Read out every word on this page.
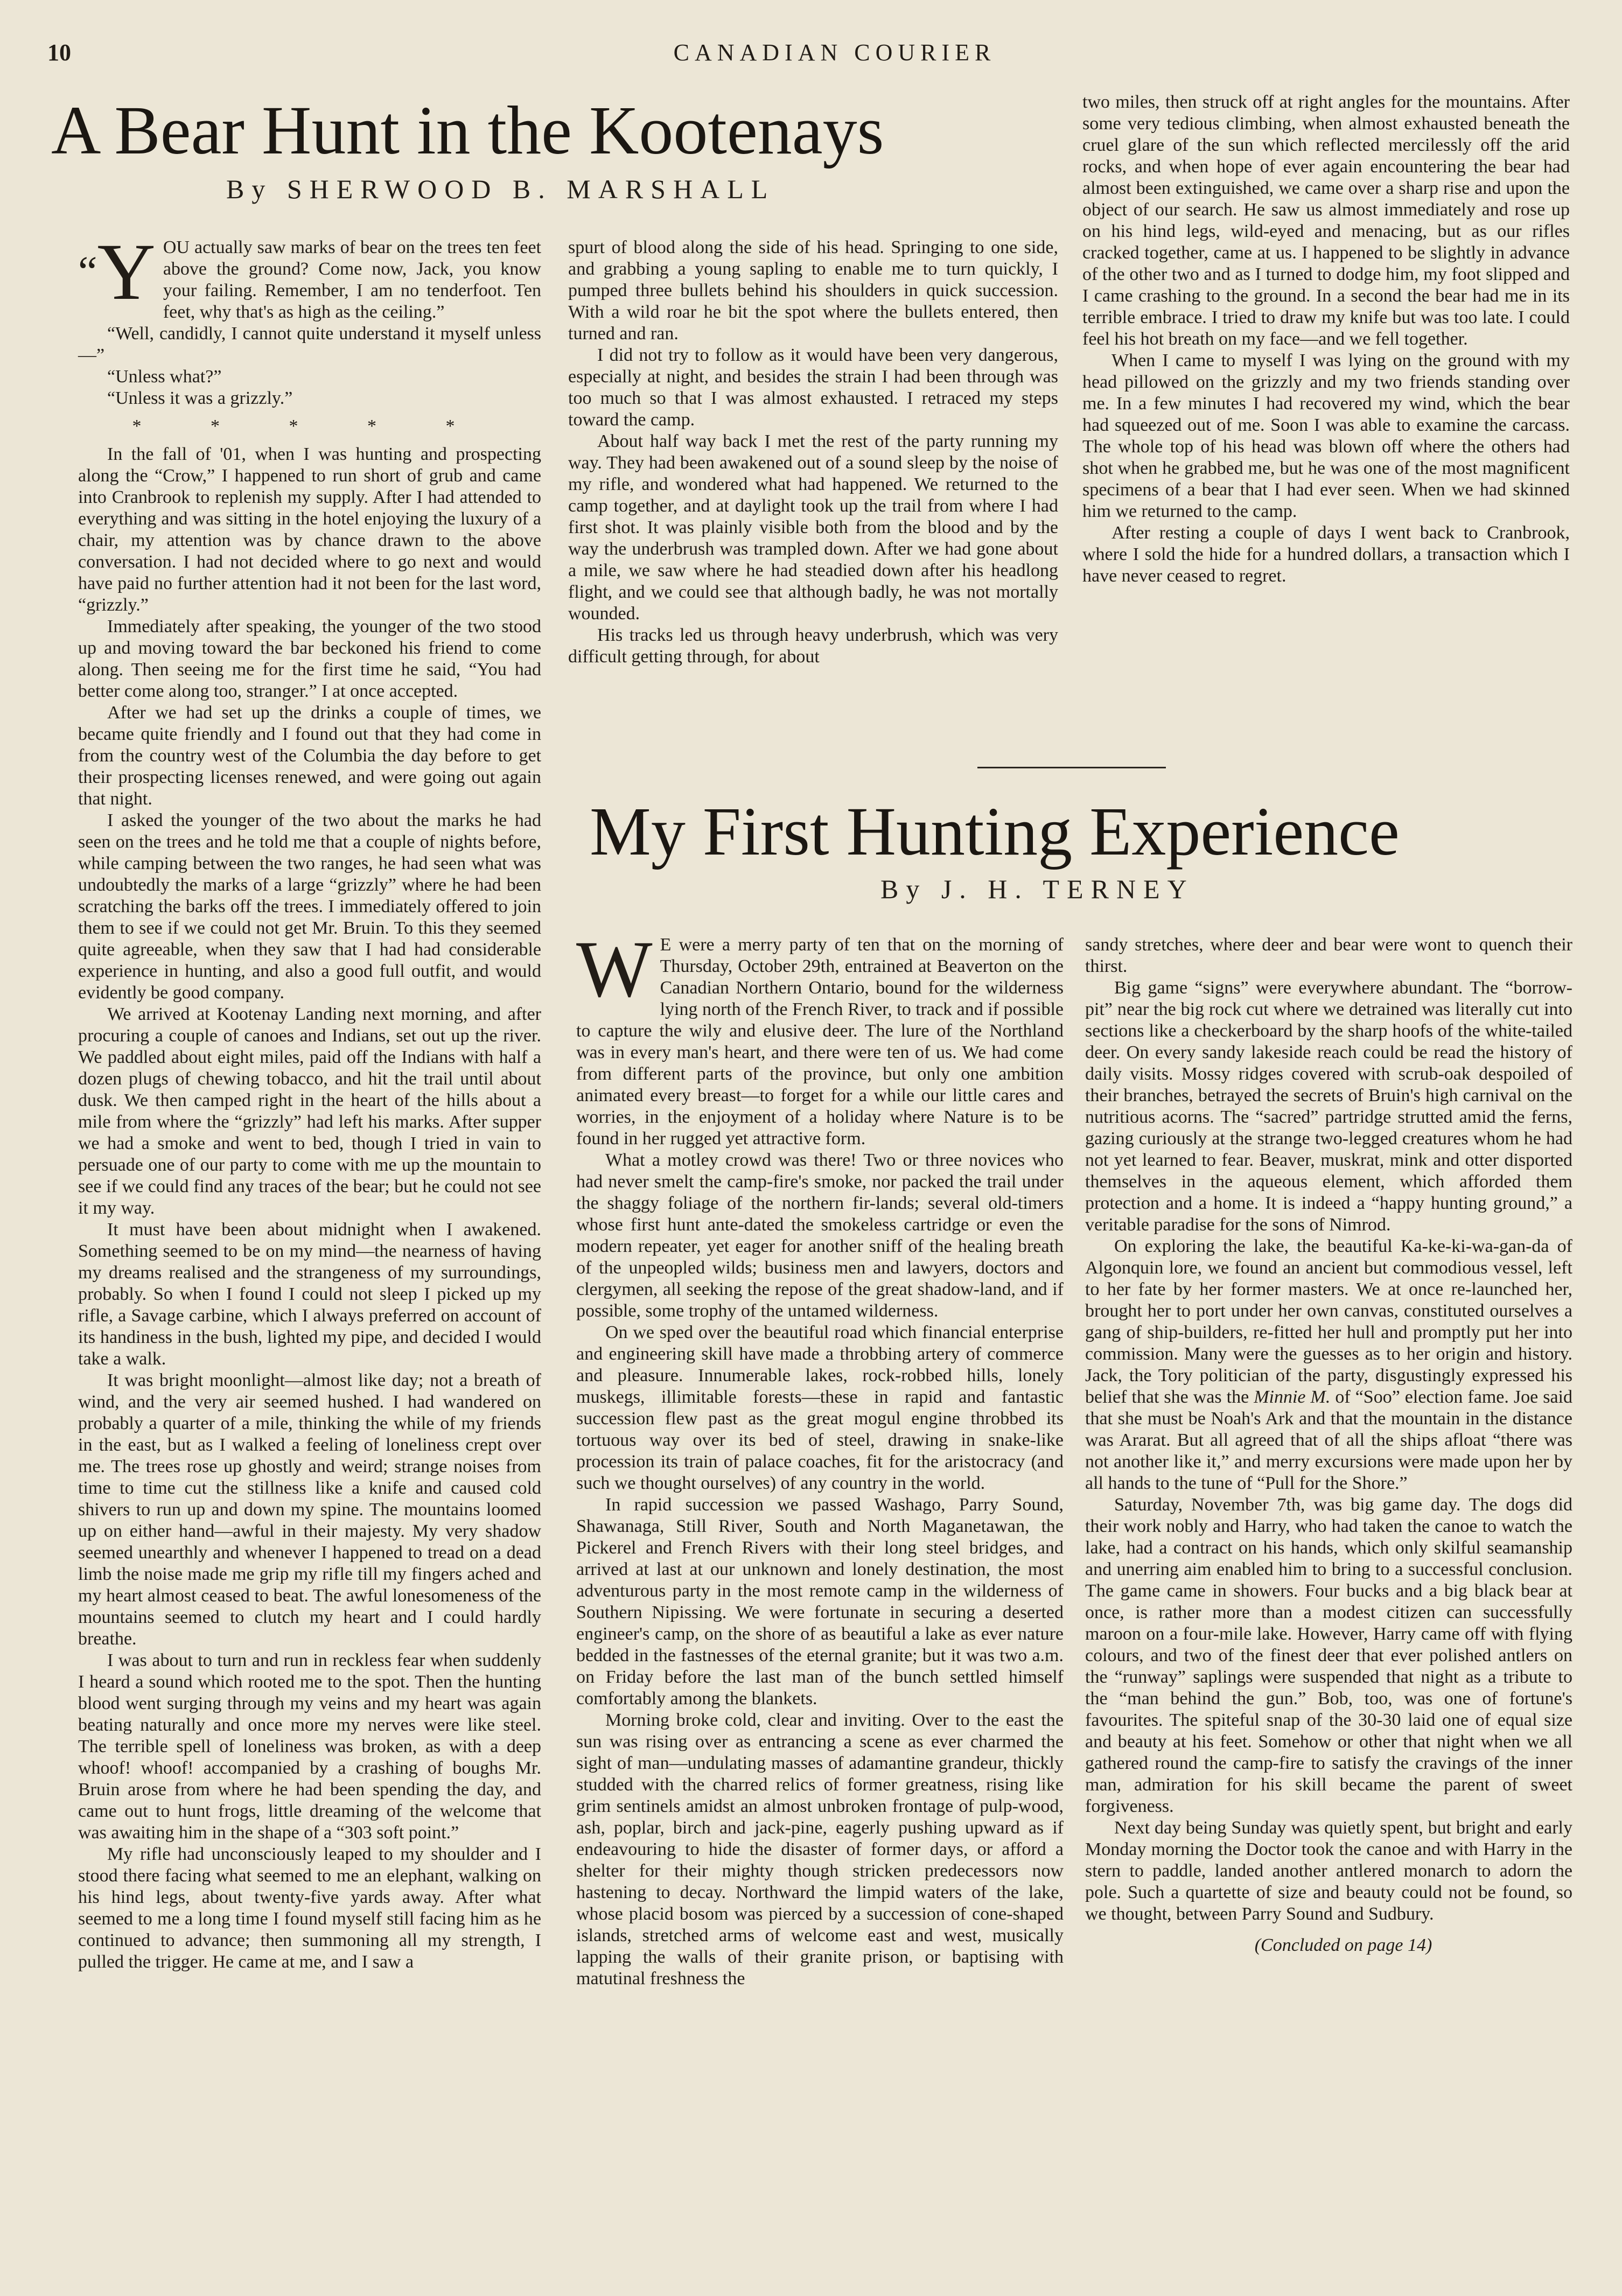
10	CANADIAN COURIER
A Bear Hunt in the Kootenays
By SHERWOOD B. MARSHALL

“ Y OU actually saw marks of bear on the trees ten feet above the ground? Come now, Jack, you know your failing. Remember, I am no tenderfoot. Ten feet, why that's as high as the ceiling.”

“Well, candidly, I cannot quite understand it myself unless—”

“Unless what?”

“Unless it was a grizzly.”

* * * * *

In the fall of '01, when I was hunting and prospecting along the “Crow,” I happened to run short of grub and came into Cranbrook to replenish my supply. After I had attended to everything and was sitting in the hotel enjoying the luxury of a chair, my attention was by chance drawn to the above conversation. I had not decided where to go next and would have paid no further attention had it not been for the last word, “grizzly.”

Immediately after speaking, the younger of the two stood up and moving toward the bar beckoned his friend to come along. Then seeing me for the first time he said, “You had better come along too, stranger.” I at once accepted.

After we had set up the drinks a couple of times, we became quite friendly and I found out that they had come in from the country west of the Columbia the day before to get their prospecting licenses renewed, and were going out again that night.

I asked the younger of the two about the marks he had seen on the trees and he told me that a couple of nights before, while camping between the two ranges, he had seen what was undoubtedly the marks of a large “grizzly” where he had been scratching the barks off the trees. I immediately offered to join them to see if we could not get Mr. Bruin. To this they seemed quite agreeable, when they saw that I had had considerable experience in hunting, and also a good full outfit, and would evidently be good company.

We arrived at Kootenay Landing next morning, and after procuring a couple of canoes and Indians, set out up the river. We paddled about eight miles, paid off the Indians with half a dozen plugs of chewing tobacco, and hit the trail until about dusk. We then camped right in the heart of the hills about a mile from where the “grizzly” had left his marks. After supper we had a smoke and went to bed, though I tried in vain to persuade one of our party to come with me up the mountain to see if we could find any traces of the bear; but he could not see it my way.

It must have been about midnight when I awakened. Something seemed to be on my mind—the nearness of having my dreams realised and the strangeness of my surroundings, probably. So when I found I could not sleep I picked up my rifle, a Savage carbine, which I always preferred on account of its handiness in the bush, lighted my pipe, and decided I would take a walk.

It was bright moonlight—almost like day; not a breath of wind, and the very air seemed hushed. I had wandered on probably a quarter of a mile, thinking the while of my friends in the east, but as I walked a feeling of loneliness crept over me. The trees rose up ghostly and weird; strange noises from time to time cut the stillness like a knife and caused cold shivers to run up and down my spine. The mountains loomed up on either hand—awful in their majesty. My very shadow seemed unearthly and whenever I happened to tread on a dead limb the noise made me grip my rifle till my fingers ached and my heart almost ceased to beat. The awful lonesomeness of the mountains seemed to clutch my heart and I could hardly breathe.

I was about to turn and run in reckless fear when suddenly I heard a sound which rooted me to the spot. Then the hunting blood went surging through my veins and my heart was again beating naturally and once more my nerves were like steel. The terrible spell of loneliness was broken, as with a deep whoof! whoof! accompanied by a crashing of boughs Mr. Bruin arose from where he had been spending the day, and came out to hunt frogs, little dreaming of the welcome that was awaiting him in the shape of a “303 soft point.”

My rifle had unconsciously leaped to my shoulder and I stood there facing what seemed to me an elephant, walking on his hind legs, about twenty-five yards away. After what seemed to me a long time I found myself still facing him as he continued to advance; then summoning all my strength, I pulled the trigger. He came at me, and I saw a

spurt of blood along the side of his head. Springing to one side, and grabbing a young sapling to enable me to turn quickly, I pumped three bullets behind his shoulders in quick succession. With a wild roar he bit the spot where the bullets entered, then turned and ran.

I did not try to follow as it would have been very dangerous, especially at night, and besides the strain I had been through was too much so that I was almost exhausted. I retraced my steps toward the camp.

About half way back I met the rest of the party running my way. They had been awakened out of a sound sleep by the noise of my rifle, and wondered what had happened. We returned to the camp together, and at daylight took up the trail from where I had first shot. It was plainly visible both from the blood and by the way the underbrush was trampled down. After we had gone about a mile, we saw where he had steadied down after his headlong flight, and we could see that although badly, he was not mortally wounded.

His tracks led us through heavy underbrush, which was very difficult getting through, for about

two miles, then struck off at right angles for the mountains. After some very tedious climbing, when almost exhausted beneath the cruel glare of the sun which reflected mercilessly off the arid rocks, and when hope of ever again encountering the bear had almost been extinguished, we came over a sharp rise and upon the object of our search. He saw us almost immediately and rose up on his hind legs, wild-eyed and menacing, but as our rifles cracked together, came at us. I happened to be slightly in advance of the other two and as I turned to dodge him, my foot slipped and I came crashing to the ground. In a second the bear had me in its terrible embrace. I tried to draw my knife but was too late. I could feel his hot breath on my face—and we fell together.

When I came to myself I was lying on the ground with my head pillowed on the grizzly and my two friends standing over me. In a few minutes I had recovered my wind, which the bear had squeezed out of me. Soon I was able to examine the carcass. The whole top of his head was blown off where the others had shot when he grabbed me, but he was one of the most magnificent specimens of a bear that I had ever seen. When we had skinned him we returned to the camp.

After resting a couple of days I went back to Cranbrook, where I sold the hide for a hundred dollars, a transaction which I have never ceased to regret.

My First Hunting Experience
By J. H. TERNEY

W E were a merry party of ten that on the morning of Thursday, October 29th, entrained at Beaverton on the Canadian Northern Ontario, bound for the wilderness lying north of the French River, to track and if possible to capture the wily and elusive deer. The lure of the Northland was in every man's heart, and there were ten of us. We had come from different parts of the province, but only one ambition animated every breast—to forget for a while our little cares and worries, in the enjoyment of a holiday where Nature is to be found in her rugged yet attractive form.

What a motley crowd was there! Two or three novices who had never smelt the camp-fire's smoke, nor packed the trail under the shaggy foliage of the northern fir-lands; several old-timers whose first hunt ante-dated the smokeless cartridge or even the modern repeater, yet eager for another sniff of the healing breath of the unpeopled wilds; business men and lawyers, doctors and clergymen, all seeking the repose of the great shadow-land, and if possible, some trophy of the untamed wilderness.

On we sped over the beautiful road which financial enterprise and engineering skill have made a throbbing artery of commerce and pleasure. Innumerable lakes, rock-robbed hills, lonely muskegs, illimitable forests—these in rapid and fantastic succession flew past as the great mogul engine throbbed its tortuous way over its bed of steel, drawing in snake-like procession its train of palace coaches, fit for the aristocracy (and such we thought ourselves) of any country in the world.

In rapid succession we passed Washago, Parry Sound, Shawanaga, Still River, South and North Maganetawan, the Pickerel and French Rivers with their long steel bridges, and arrived at last at our unknown and lonely destination, the most adventurous party in the most remote camp in the wilderness of Southern Nipissing. We were fortunate in securing a deserted engineer's camp, on the shore of as beautiful a lake as ever nature bedded in the fastnesses of the eternal granite; but it was two a.m. on Friday before the last man of the bunch settled himself comfortably among the blankets.

Morning broke cold, clear and inviting. Over to the east the sun was rising over as entrancing a scene as ever charmed the sight of man—undulating masses of adamantine grandeur, thickly studded with the charred relics of former greatness, rising like grim sentinels amidst an almost unbroken frontage of pulp-wood, ash, poplar, birch and jack-pine, eagerly pushing upward as if endeavouring to hide the disaster of former days, or afford a shelter for their mighty though stricken predecessors now hastening to decay. Northward the limpid waters of the lake, whose placid bosom was pierced by a succession of cone-shaped islands, stretched arms of welcome east and west, musically lapping the walls of their granite prison, or baptising with matutinal freshness the

sandy stretches, where deer and bear were wont to quench their thirst.

Big game “signs” were everywhere abundant. The “borrow-pit” near the big rock cut where we detrained was literally cut into sections like a checkerboard by the sharp hoofs of the white-tailed deer. On every sandy lakeside reach could be read the history of daily visits. Mossy ridges covered with scrub-oak despoiled of their branches, betrayed the secrets of Bruin's high carnival on the nutritious acorns. The “sacred” partridge strutted amid the ferns, gazing curiously at the strange two-legged creatures whom he had not yet learned to fear. Beaver, muskrat, mink and otter disported themselves in the aqueous element, which afforded them protection and a home. It is indeed a “happy hunting ground,” a veritable paradise for the sons of Nimrod.

On exploring the lake, the beautiful Ka-ke-ki-wa-gan-da of Algonquin lore, we found an ancient but commodious vessel, left to her fate by her former masters. We at once re-launched her, brought her to port under her own canvas, constituted ourselves a gang of ship-builders, re-fitted her hull and promptly put her into commission. Many were the guesses as to her origin and history. Jack, the Tory politician of the party, disgustingly expressed his belief that she was the Minnie M. of “Soo” election fame. Joe said that she must be Noah's Ark and that the mountain in the distance was Ararat. But all agreed that of all the ships afloat “there was not another like it,” and merry excursions were made upon her by all hands to the tune of “Pull for the Shore.”

Saturday, November 7th, was big game day. The dogs did their work nobly and Harry, who had taken the canoe to watch the lake, had a contract on his hands, which only skilful seamanship and unerring aim enabled him to bring to a successful conclusion. The game came in showers. Four bucks and a big black bear at once, is rather more than a modest citizen can successfully maroon on a four-mile lake. However, Harry came off with flying colours, and two of the finest deer that ever polished antlers on the “runway” saplings were suspended that night as a tribute to the “man behind the gun.” Bob, too, was one of fortune's favourites. The spiteful snap of the 30-30 laid one of equal size and beauty at his feet. Somehow or other that night when we all gathered round the camp-fire to satisfy the cravings of the inner man, admiration for his skill became the parent of sweet forgiveness.

Next day being Sunday was quietly spent, but bright and early Monday morning the Doctor took the canoe and with Harry in the stern to paddle, landed another antlered monarch to adorn the pole. Such a quartette of size and beauty could not be found, so we thought, between Parry Sound and Sudbury.

(Concluded on page 14)
